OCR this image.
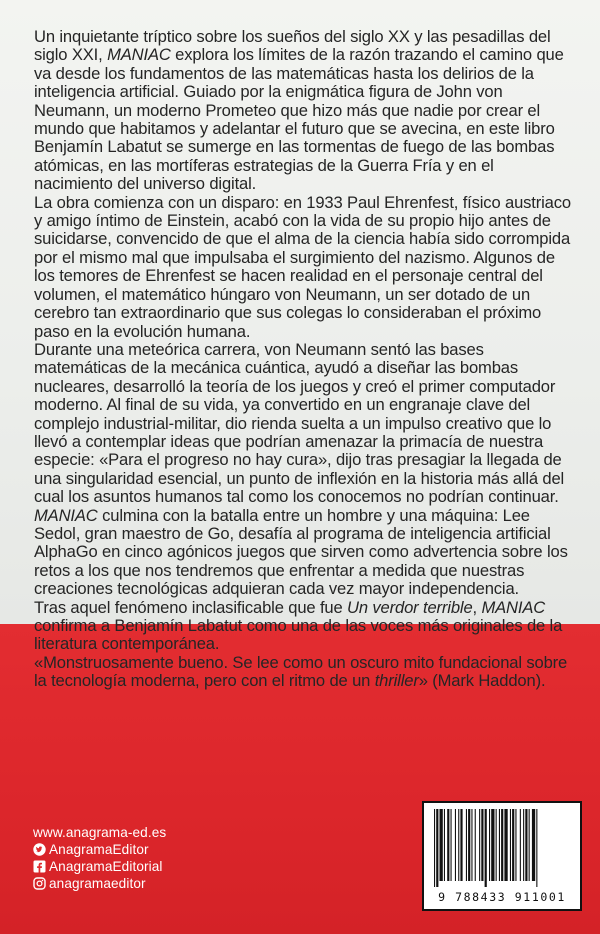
Un inquietante tríptico sobre los sueños del siglo XX y las pesadillas del siglo XXI, MANIAC explora los límites de la razón trazando el camino que va desde los fundamentos de las matemáticas hasta los delirios de la inteligencia artificial. Guiado por la enigmática figura de John von Neumann, un moderno Prometeo que hizo más que nadie por crear el mundo que habitamos y adelantar el futuro que se avecina, en este libro Benjamín Labatut se sumerge en las tormentas de fuego de las bombas atómicas, en las mortíferas estrategias de la Guerra Fría y en el nacimiento del universo digital.

La obra comienza con un disparo: en 1933 Paul Ehrenfest, físico austriaco y amigo íntimo de Einstein, acabó con la vida de su propio hijo antes de suicidarse, convencido de que el alma de la ciencia había sido corrompida por el mismo mal que impulsaba el surgimiento del nazismo. Algunos de los temores de Ehrenfest se hacen realidad en el personaje central del volumen, el matemático húngaro von Neumann, un ser dotado de un cerebro tan extraordinario que sus colegas lo consideraban el próximo paso en la evolución humana.

Durante una meteórica carrera, von Neumann sentó las bases matemáticas de la mecánica cuántica, ayudó a diseñar las bombas nucleares, desarrolló la teoría de los juegos y creó el primer computador moderno. Al final de su vida, ya convertido en un engranaje clave del complejo industrial-militar, dio rienda suelta a un impulso creativo que lo llevó a contemplar ideas que podrían amenazar la primacía de nuestra especie: «Para el progreso no hay cura», dijo tras presagiar la llegada de una singularidad esencial, un punto de inflexión en la historia más allá del cual los asuntos humanos tal como los conocemos no podrían continuar.

MANIAC culmina con la batalla entre un hombre y una máquina: Lee Sedol, gran maestro de Go, desafía al programa de inteligencia artificial AlphaGo en cinco agónicos juegos que sirven como advertencia sobre los retos a los que nos tendremos que enfrentar a medida que nuestras creaciones tecnológicas adquieran cada vez mayor independencia.

Tras aquel fenómeno inclasificable que fue Un verdor terrible, MANIAC confirma a Benjamín Labatut como una de las voces más originales de la literatura contemporánea.

«Monstruosamente bueno. Se lee como un oscuro mito fundacional sobre la tecnología moderna, pero con el ritmo de un thriller» (Mark Haddon).

www.anagrama-ed.es
AnagramaEditor
AnagramaEditorial
anagramaeditor
9 788433 911001
